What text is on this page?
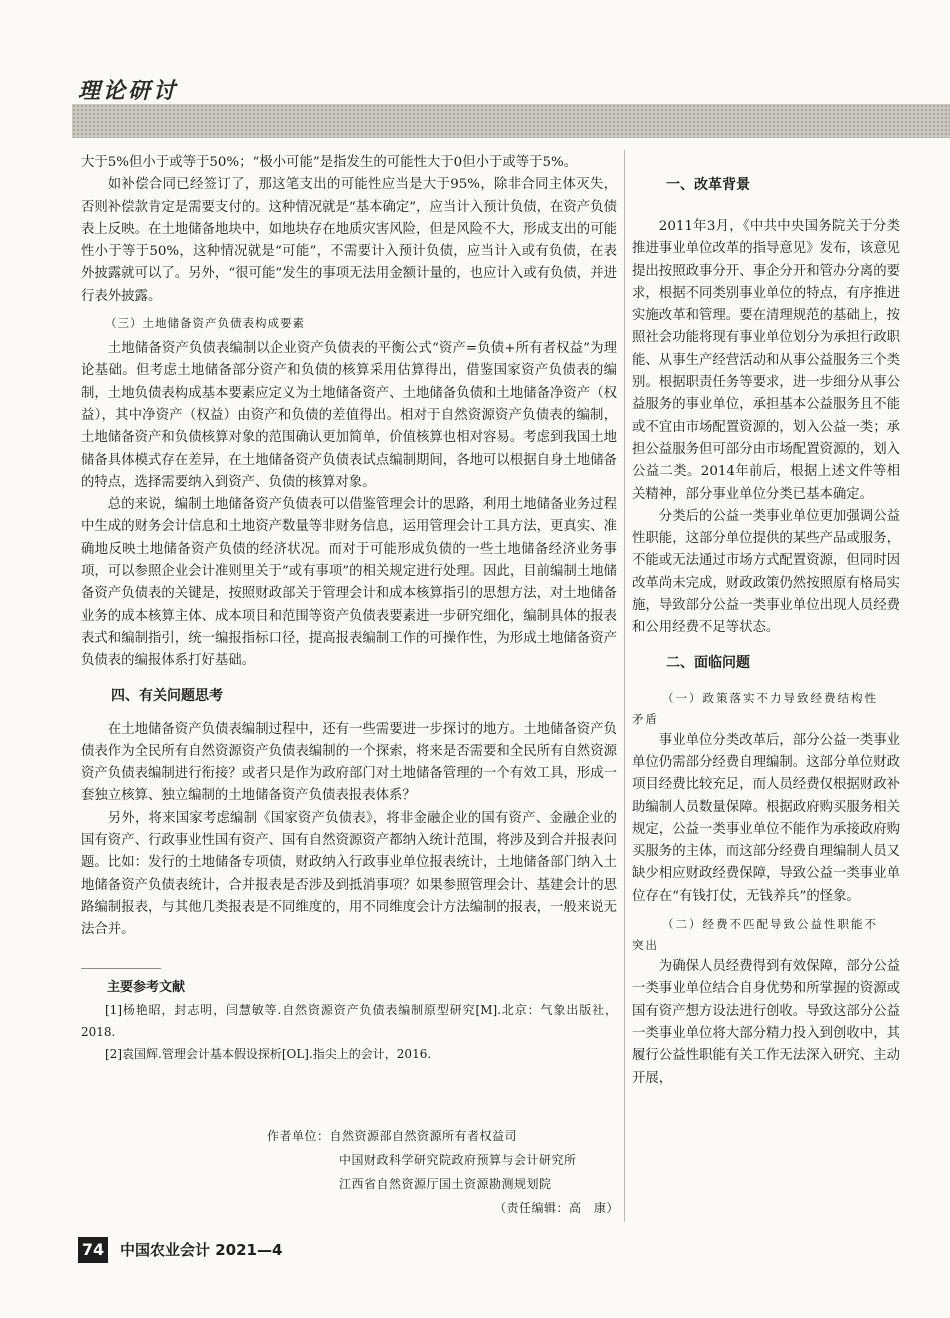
理论研讨

大于5%但小于或等于50%；“极小可能”是指发生的可能性大于0但小于或等于5%。

如补偿合同已经签订了，那这笔支出的可能性应当是大于95%，除非合同主体灭失，否则补偿款肯定是需要支付的。这种情况就是“基本确定”，应当计入预计负债，在资产负债表上反映。在土地储备地块中，如地块存在地质灾害风险，但是风险不大，形成支出的可能性小于等于50%，这种情况就是“可能”，不需要计入预计负债，应当计入或有负债，在表外披露就可以了。另外，“很可能”发生的事项无法用金额计量的，也应计入或有负债，并进行表外披露。

（三）土地储备资产负债表构成要素

土地储备资产负债表编制以企业资产负债表的平衡公式“资产=负债+所有者权益”为理论基础。但考虑土地储备部分资产和负债的核算采用估算得出，借鉴国家资产负债表的编制，土地负债表构成基本要素应定义为土地储备资产、土地储备负债和土地储备净资产（权益），其中净资产（权益）由资产和负债的差值得出。相对于自然资源资产负债表的编制，土地储备资产和负债核算对象的范围确认更加简单，价值核算也相对容易。考虑到我国土地储备具体模式存在差异，在土地储备资产负债表试点编制期间，各地可以根据自身土地储备的特点，选择需要纳入到资产、负债的核算对象。

总的来说，编制土地储备资产负债表可以借鉴管理会计的思路，利用土地储备业务过程中生成的财务会计信息和土地资产数量等非财务信息，运用管理会计工具方法，更真实、准确地反映土地储备资产负债的经济状况。而对于可能形成负债的一些土地储备经济业务事项，可以参照企业会计准则里关于“或有事项”的相关规定进行处理。因此，目前编制土地储备资产负债表的关键是，按照财政部关于管理会计和成本核算指引的思想方法，对土地储备业务的成本核算主体、成本项目和范围等资产负债表要素进一步研究细化，编制具体的报表表式和编制指引，统一编报指标口径，提高报表编制工作的可操作性，为形成土地储备资产负债表的编报体系打好基础。

四、有关问题思考

在土地储备资产负债表编制过程中，还有一些需要进一步探讨的地方。土地储备资产负债表作为全民所有自然资源资产负债表编制的一个探索，将来是否需要和全民所有自然资源资产负债表编制进行衔接？或者只是作为政府部门对土地储备管理的一个有效工具，形成一套独立核算、独立编制的土地储备资产负债表报表体系？

另外，将来国家考虑编制《国家资产负债表》，将非金融企业的国有资产、金融企业的国有资产、行政事业性国有资产、国有自然资源资产都纳入统计范围，将涉及到合并报表问题。比如：发行的土地储备专项债，财政纳入行政事业单位报表统计，土地储备部门纳入土地储备资产负债表统计，合并报表是否涉及到抵消事项？如果参照管理会计、基建会计的思路编制报表，与其他几类报表是不同维度的，用不同维度会计方法编制的报表，一般来说无法合并。

主要参考文献

[1]杨艳昭，封志明，闫慧敏等.自然资源资产负债表编制原型研究[M].北京：气象出版社，2018.

[2]袁国辉.管理会计基本假设探析[OL].指尖上的会计，2016.

作者单位：自然资源部自然资源所有者权益司
中国财政科学研究院政府预算与会计研究所
江西省自然资源厅国土资源勘测规划院
（责任编辑：高　康）
一、改革背景

2011年3月，《中共中央国务院关于分类推进事业单位改革的指导意见》发布，该意见提出按照政事分开、事企分开和管办分离的要求，根据不同类别事业单位的特点，有序推进实施改革和管理。要在清理规范的基础上，按照社会功能将现有事业单位划分为承担行政职能、从事生产经营活动和从事公益服务三个类别。根据职责任务等要求，进一步细分从事公益服务的事业单位，承担基本公益服务且不能或不宜由市场配置资源的，划入公益一类；承担公益服务但可部分由市场配置资源的，划入公益二类。2014年前后，根据上述文件等相关精神，部分事业单位分类已基本确定。

分类后的公益一类事业单位更加强调公益性职能，这部分单位提供的某些产品或服务，不能或无法通过市场方式配置资源，但同时因改革尚未完成，财政政策仍然按照原有格局实施，导致部分公益一类事业单位出现人员经费和公用经费不足等状态。

二、面临问题
（一）政策落实不力导致经费结构性
矛盾

事业单位分类改革后，部分公益一类事业单位仍需部分经费自理编制。这部分单位财政项目经费比较充足，而人员经费仅根据财政补助编制人员数量保障。根据政府购买服务相关规定，公益一类事业单位不能作为承接政府购买服务的主体，而这部分经费自理编制人员又缺少相应财政经费保障，导致公益一类事业单位存在“有钱打仗，无钱养兵”的怪象。

（二）经费不匹配导致公益性职能不
突出

为确保人员经费得到有效保障，部分公益一类事业单位结合自身优势和所掌握的资源或国有资产想方设法进行创收。导致这部分公益一类事业单位将大部分精力投入到创收中，其履行公益性职能有关工作无法深入研究、主动开展，

74 中国农业会计 2021—4
